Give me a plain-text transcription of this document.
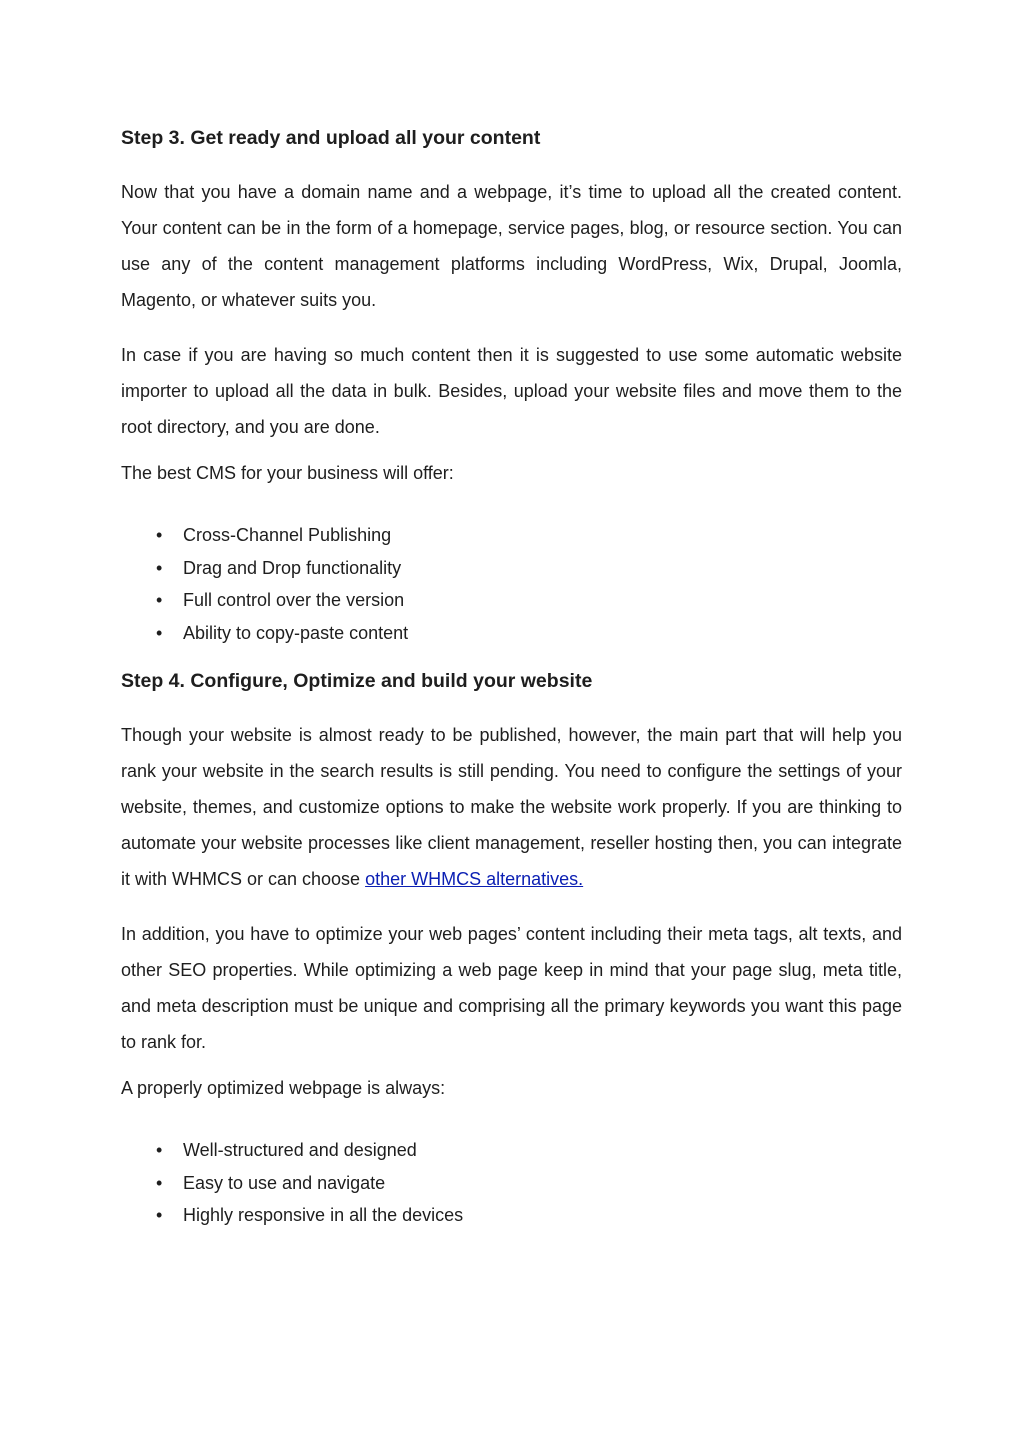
Step 3. Get ready and upload all your content

Now that you have a domain name and a webpage, it’s time to upload all the created content. Your content can be in the form of a homepage, service pages, blog, or resource section. You can use any of the content management platforms including WordPress, Wix, Drupal, Joomla, Magento, or whatever suits you.

In case if you are having so much content then it is suggested to use some automatic website importer to upload all the data in bulk. Besides, upload your website files and move them to the root directory, and you are done.

The best CMS for your business will offer:

• Cross-Channel Publishing
• Drag and Drop functionality
• Full control over the version
• Ability to copy-paste content
Step 4. Configure, Optimize and build your website

Though your website is almost ready to be published, however, the main part that will help you rank your website in the search results is still pending. You need to configure the settings of your website, themes, and customize options to make the website work properly. If you are thinking to automate your website processes like client management, reseller hosting then, you can integrate it with WHMCS or can choose other WHMCS alternatives.

In addition, you have to optimize your web pages’ content including their meta tags, alt texts, and other SEO properties. While optimizing a web page keep in mind that your page slug, meta title, and meta description must be unique and comprising all the primary keywords you want this page to rank for.

A properly optimized webpage is always:

• Well-structured and designed
• Easy to use and navigate
• Highly responsive in all the devices
